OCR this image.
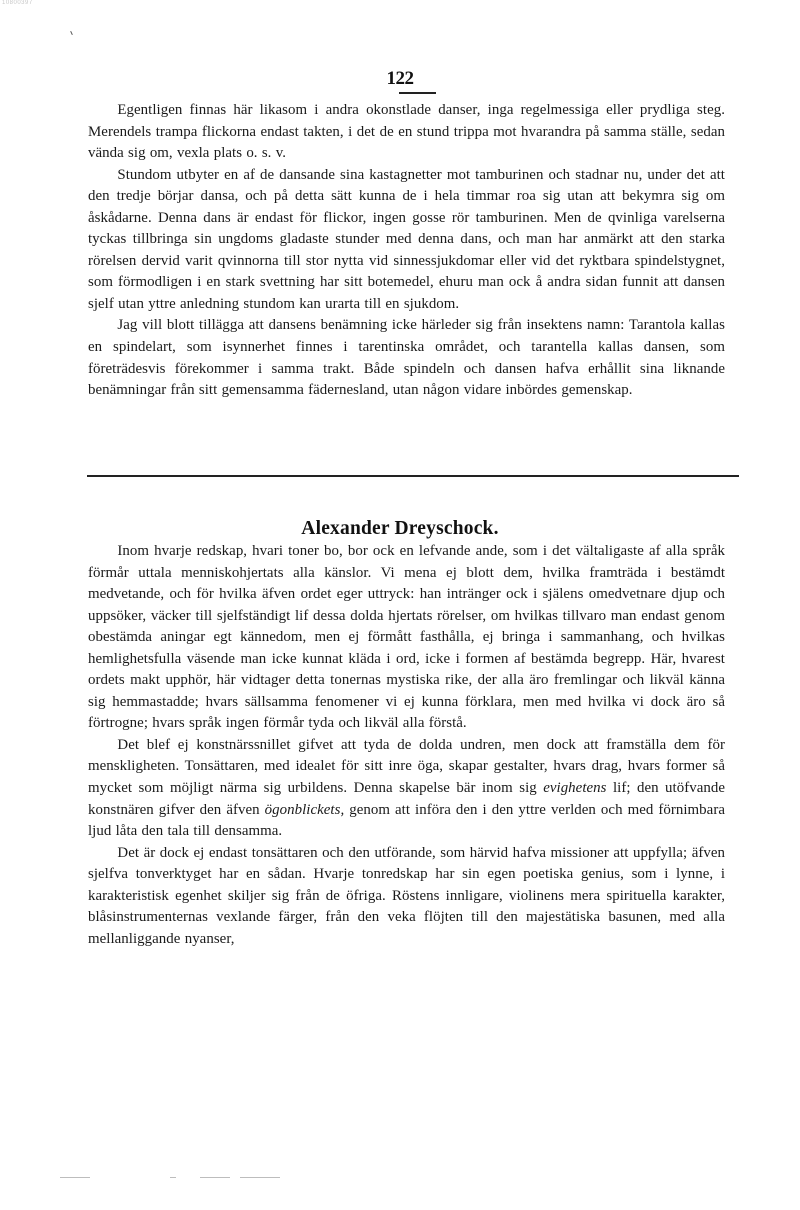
10800397
122

Egentligen finnas här likasom i andra okonstlade danser, inga regelmessiga eller prydliga steg. Merendels trampa flickorna endast takten, i det de en stund trippa mot hvarandra på samma ställe, sedan vända sig om, vexla plats o. s. v.

Stundom utbyter en af de dansande sina kastagnetter mot tamburinen och stadnar nu, under det att den tredje börjar dansa, och på detta sätt kunna de i hela timmar roa sig utan att bekymra sig om åskådarne. Denna dans är endast för flickor, ingen gosse rör tamburinen. Men de qvinliga varelserna tyckas tillbringa sin ungdoms gladaste stunder med denna dans, och man har anmärkt att den starka rörelsen dervid varit qvinnorna till stor nytta vid sinnessjukdomar eller vid det ryktbara spindelstygnet, som förmodligen i en stark svettning har sitt botemedel, ehuru man ock å andra sidan funnit att dansen sjelf utan yttre anledning stundom kan urarta till en sjukdom.

Jag vill blott tillägga att dansens benämning icke härleder sig från insektens namn: Tarantola kallas en spindelart, som isynnerhet finnes i tarentinska området, och tarantella kallas dansen, som företrädesvis förekommer i samma trakt. Både spindeln och dansen hafva erhållit sina liknande benämningar från sitt gemensamma fädernesland, utan någon vidare inbördes gemenskap.

Alexander Dreyschock.

Inom hvarje redskap, hvari toner bo, bor ock en lefvande ande, som i det vältaligaste af alla språk förmår uttala menniskohjertats alla känslor. Vi mena ej blott dem, hvilka framträda i bestämdt medvetande, och för hvilka äfven ordet eger uttryck: han intränger ock i själens omedvetnare djup och uppsöker, väcker till sjelfständigt lif dessa dolda hjertats rörelser, om hvilkas tillvaro man endast genom obestämda aningar egt kännedom, men ej förmått fasthålla, ej bringa i sammanhang, och hvilkas hemlighetsfulla väsende man icke kunnat kläda i ord, icke i formen af bestämda begrepp. Här, hvarest ordets makt upphör, här vidtager detta tonernas mystiska rike, der alla äro fremlingar och likväl känna sig hemmastadde; hvars sällsamma fenomener vi ej kunna förklara, men med hvilka vi dock äro så förtrogne; hvars språk ingen förmår tyda och likväl alla förstå.

Det blef ej konstnärssnillet gifvet att tyda de dolda undren, men dock att framställa dem för menskligheten. Tonsättaren, med idealet för sitt inre öga, skapar gestalter, hvars drag, hvars former så mycket som möjligt närma sig urbildens. Denna skapelse bär inom sig evighetens lif; den utöfvande konstnären gifver den äfven ögonblickets, genom att införa den i den yttre verlden och med förnimbara ljud låta den tala till densamma.

Det är dock ej endast tonsättaren och den utförande, som härvid hafva missioner att uppfylla; äfven sjelfva tonverktyget har en sådan. Hvarje tonredskap har sin egen poetiska genius, som i lynne, i karakteristisk egenhet skiljer sig från de öfriga. Röstens innligare, violinens mera spirituella karakter, blåsinstrumenternas vexlande färger, från den veka flöjten till den majestätiska basunen, med alla mellanliggande nyanser,
